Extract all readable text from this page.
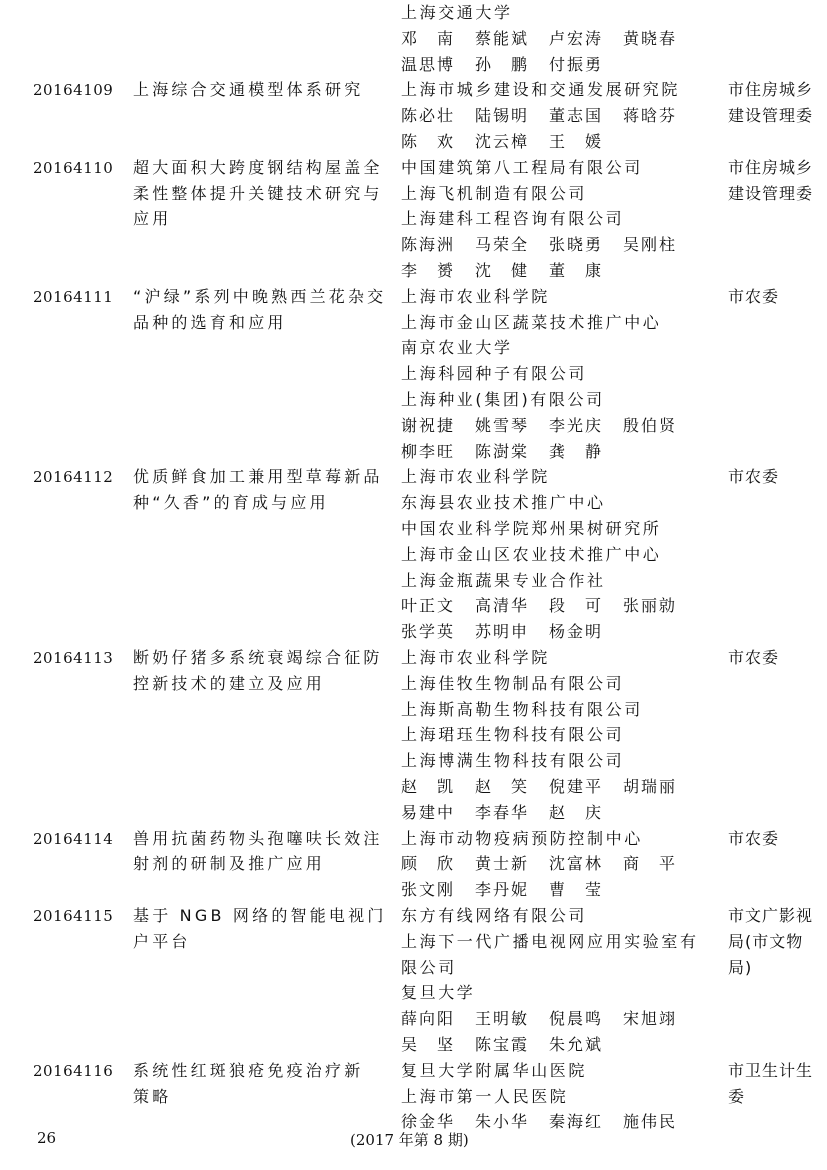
上海交通大学
邓　南 蔡能斌 卢宏涛 黄晓春
温思博 孙　鹏 付振勇
20164109 上海综合交通模型体系研究 上海市城乡建设和交通发展研究院
陈必壮 陆锡明 董志国 蒋晗芬
陈　欢 沈云樟 王　媛
市住房城乡
建设管理委
20164110 超大面积大跨度钢结构屋盖全
柔性整体提升关键技术研究与
应用
中国建筑第八工程局有限公司
上海飞机制造有限公司
上海建科工程咨询有限公司
陈海洲 马荣全 张晓勇 吴刚柱
李　赟 沈　健 董　康
市住房城乡
建设管理委
20164111 “沪绿”系列中晚熟西兰花杂交
品种的选育和应用
上海市农业科学院
上海市金山区蔬菜技术推广中心
南京农业大学
上海科园种子有限公司
上海种业(集团)有限公司
谢祝捷 姚雪琴 李光庆 殷伯贤
柳李旺 陈澍棠 龚　静
市农委
20164112 优质鲜食加工兼用型草莓新品
种“久香”的育成与应用
上海市农业科学院
东海县农业技术推广中心
中国农业科学院郑州果树研究所
上海市金山区农业技术推广中心
上海金瓶蔬果专业合作社
叶正文 高清华 段　可 张丽勍
张学英 苏明申 杨金明
市农委
20164113 断奶仔猪多系统衰竭综合征防
控新技术的建立及应用
上海市农业科学院
上海佳牧生物制品有限公司
上海斯高勒生物科技有限公司
上海珺珏生物科技有限公司
上海博满生物科技有限公司
赵　凯 赵　笑 倪建平 胡瑞丽
易建中 李春华 赵　庆
市农委
20164114 兽用抗菌药物头孢噻呋长效注
射剂的研制及推广应用
上海市动物疫病预防控制中心
顾　欣 黄士新 沈富林 商　平
张文刚 李丹妮 曹　莹
市农委
20164115 基于 NGB 网络的智能电视门
户平台
东方有线网络有限公司
上海下一代广播电视网应用实验室有
限公司
复旦大学
薛向阳 王明敏 倪晨鸣 宋旭翊
吴　坚 陈宝霞 朱允斌
市文广影视
局(市文物
局)
20164116 系统性红斑狼疮免疫治疗新
策略
复旦大学附属华山医院
上海市第一人民医院
徐金华 朱小华 秦海红 施伟民
市卫生计生
委
26	(2017 年第 8 期)
